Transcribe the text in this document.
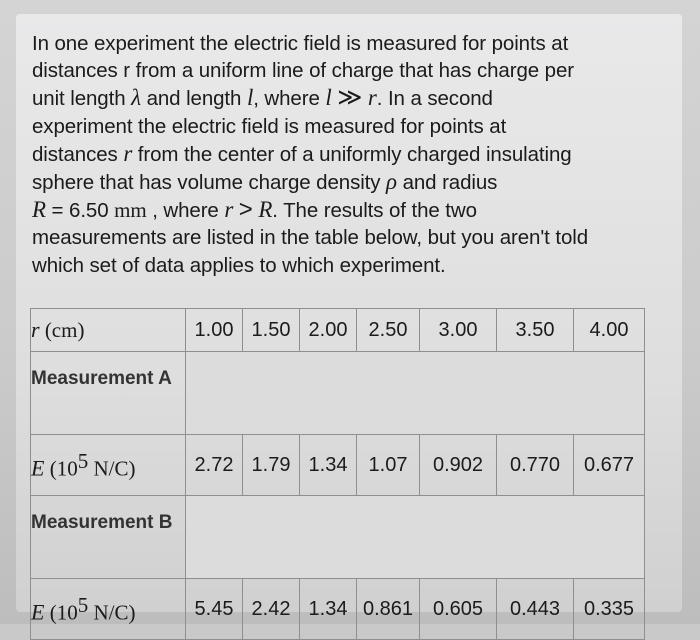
In one experiment the electric field is measured for points at
distances r from a uniform line of charge that has charge per
unit length λ and length l, where l ≫ r. In a second
experiment the electric field is measured for points at
distances r from the center of a uniformly charged insulating
sphere that has volume charge density ρ and radius
R = 6.50 mm , where r > R. The results of the two
measurements are listed in the table below, but you aren't told
which set of data applies to which experiment.
r (cm)	1.00	1.50	2.00	2.50	3.00	3.50	4.00
Measurement A							
E ($10^5$ N/C)	2.72	1.79	1.34	1.07	0.902	0.770	0.677
Measurement B							
E ($10^5$ N/C)	5.45	2.42	1.34	0.861	0.605	0.443	0.335
